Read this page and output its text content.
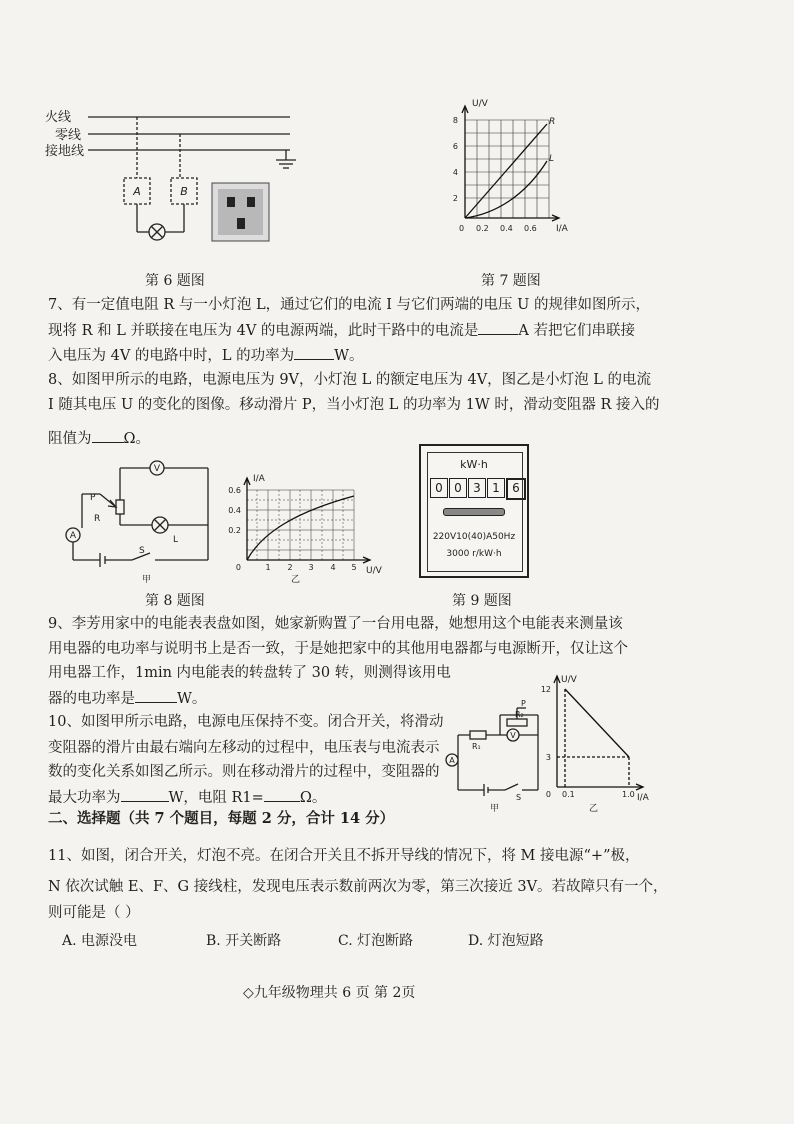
火线
零线
接地线
A	B
第 6 题图
U/V
I/A
8
6
4
2
0 0.2 0.4 0.6
R
L
第 7 题图
7、有一定值电阻 R 与一小灯泡 L，通过它们的电流 I 与它们两端的电压 U 的规律如图所示，
现将 R 和 L 并联接在电压为 4V 的电源两端，此时干路中的电流是	A 若把它们串联接
入电压为 4V 的电路中时，L 的功率为	W。
8、如图甲所示的电路，电源电压为 9V，小灯泡 L 的额定电压为 4V，图乙是小灯泡 L 的电流
I 随其电压 U 的变化的图像。移动滑片 P，当小灯泡 L 的功率为 1W 时，滑动变阻器 R 接入的
阻值为 Ω。
V
A
P
R
S
L
甲
I/A
U/V
0.6
0.4
0.2
0	1 2 3 4 5
乙
第 8 题图
kW·h
0 0 3 1	6
220V10(40)A50Hz
3000 r/kW·h
第 9 题图
9、李芳用家中的电能表表盘如图，她家新购置了一台用电器，她想用这个电能表来测量该
用电器的电功率与说明书上是否一致，于是她把家中的其他用电器都与电源断开，仅让这个
用电器工作，1min 内电能表的转盘转了 30 转，则测得该用电
器的电功率是	W。
10、如图甲所示电路，电源电压保持不变。闭合开关，将滑动
变阻器的滑片由最右端向左移动的过程中，电压表与电流表示
数的变化关系如图乙所示。则在移动滑片的过程中，变阻器的
最大功率为	W，电阻 R1= Ω。
P
R₂
R₁
V
A
S
甲
U/V
I/A
12
3
0 0.1	1.0
乙
二、选择题（共 7 个题目，每题 2 分，合计 14 分）
11、如图，闭合开关，灯泡不亮。在闭合开关且不拆开导线的情况下，将 M 接电源“+”极，
N 依次试触 E、F、G 接线柱，发现电压表示数前两次为零，第三次接近 3V。若故障只有一个，
则可能是（ ）
A. 电源没电	B. 开关断路	C. 灯泡断路	D. 灯泡短路
◇九年级物理共 6 页 第 2页
